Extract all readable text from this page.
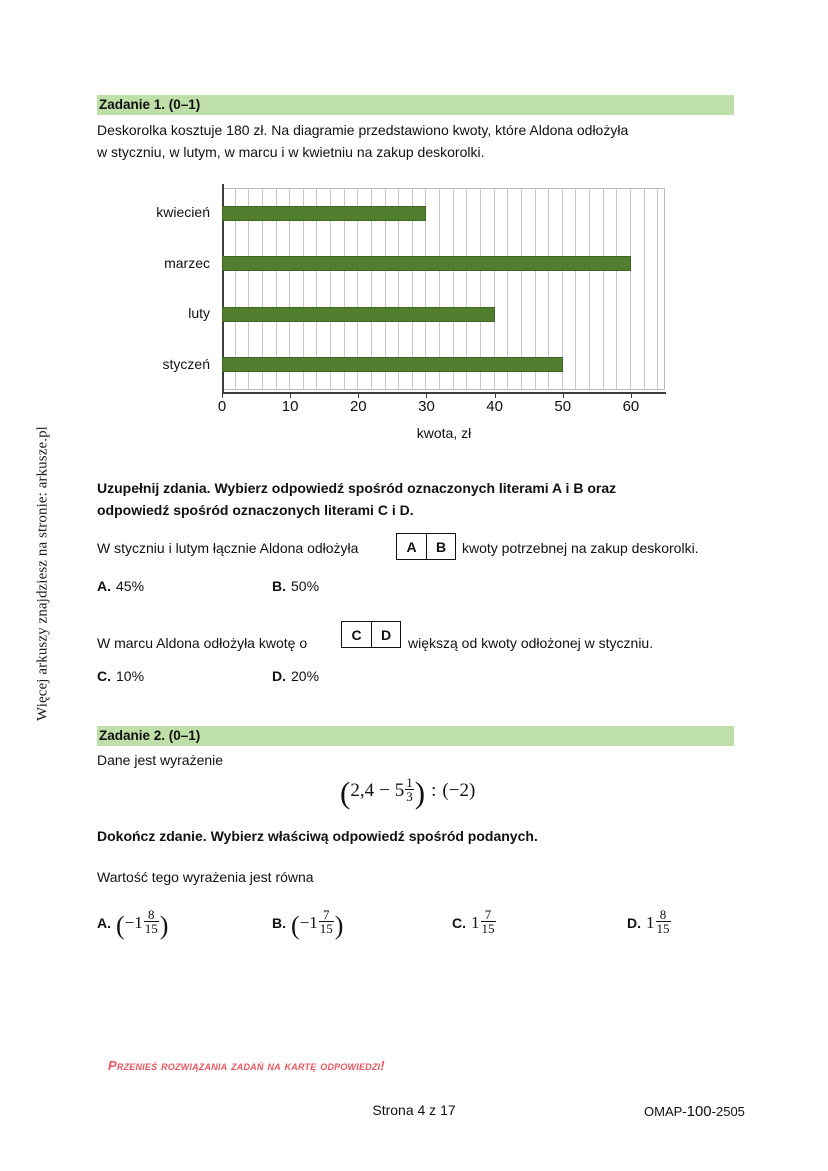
Więcej arkuszy znajdziesz na stronie: arkusze.pl
Zadanie 1. (0–1)
Deskorolka kosztuje 180 zł. Na diagramie przedstawiono kwoty, które Aldona odłożyła
w styczniu, w lutym, w marcu i w kwietniu na zakup deskorolki.
styczeń
luty
marzec
kwiecień
0	10	20	30	40	50	60
kwota, zł
Uzupełnij zdania. Wybierz odpowiedź spośród oznaczonych literami A i B oraz
odpowiedź spośród oznaczonych literami C i D.
W styczniu i lutym łącznie Aldona odłożyła	A	B	kwoty potrzebnej na zakup deskorolki.
A. 45%	B. 50%
W marcu Aldona odłożyła kwotę o
C	D
większą od kwoty odłożonej w styczniu.
C. 10%	D. 20%
Zadanie 2. (0–1)
Dane jest wyrażenie
($2,4 - 5 \frac{1}{3}$ ) : (−2)
Dokończ zdanie. Wybierz właściwą odpowiedź spośród podanych.
Wartość tego wyrażenia jest równa
A. ($-1 \frac{8}{15}$ )	B. ($-1 \frac{7}{15}$ )	C. $1 \frac{7}{15}$	D. $1 \frac{8}{15}$
Przenieś rozwiązania zadań na kartę odpowiedzi!
Strona 4 z 17	OMAP-100-2505
